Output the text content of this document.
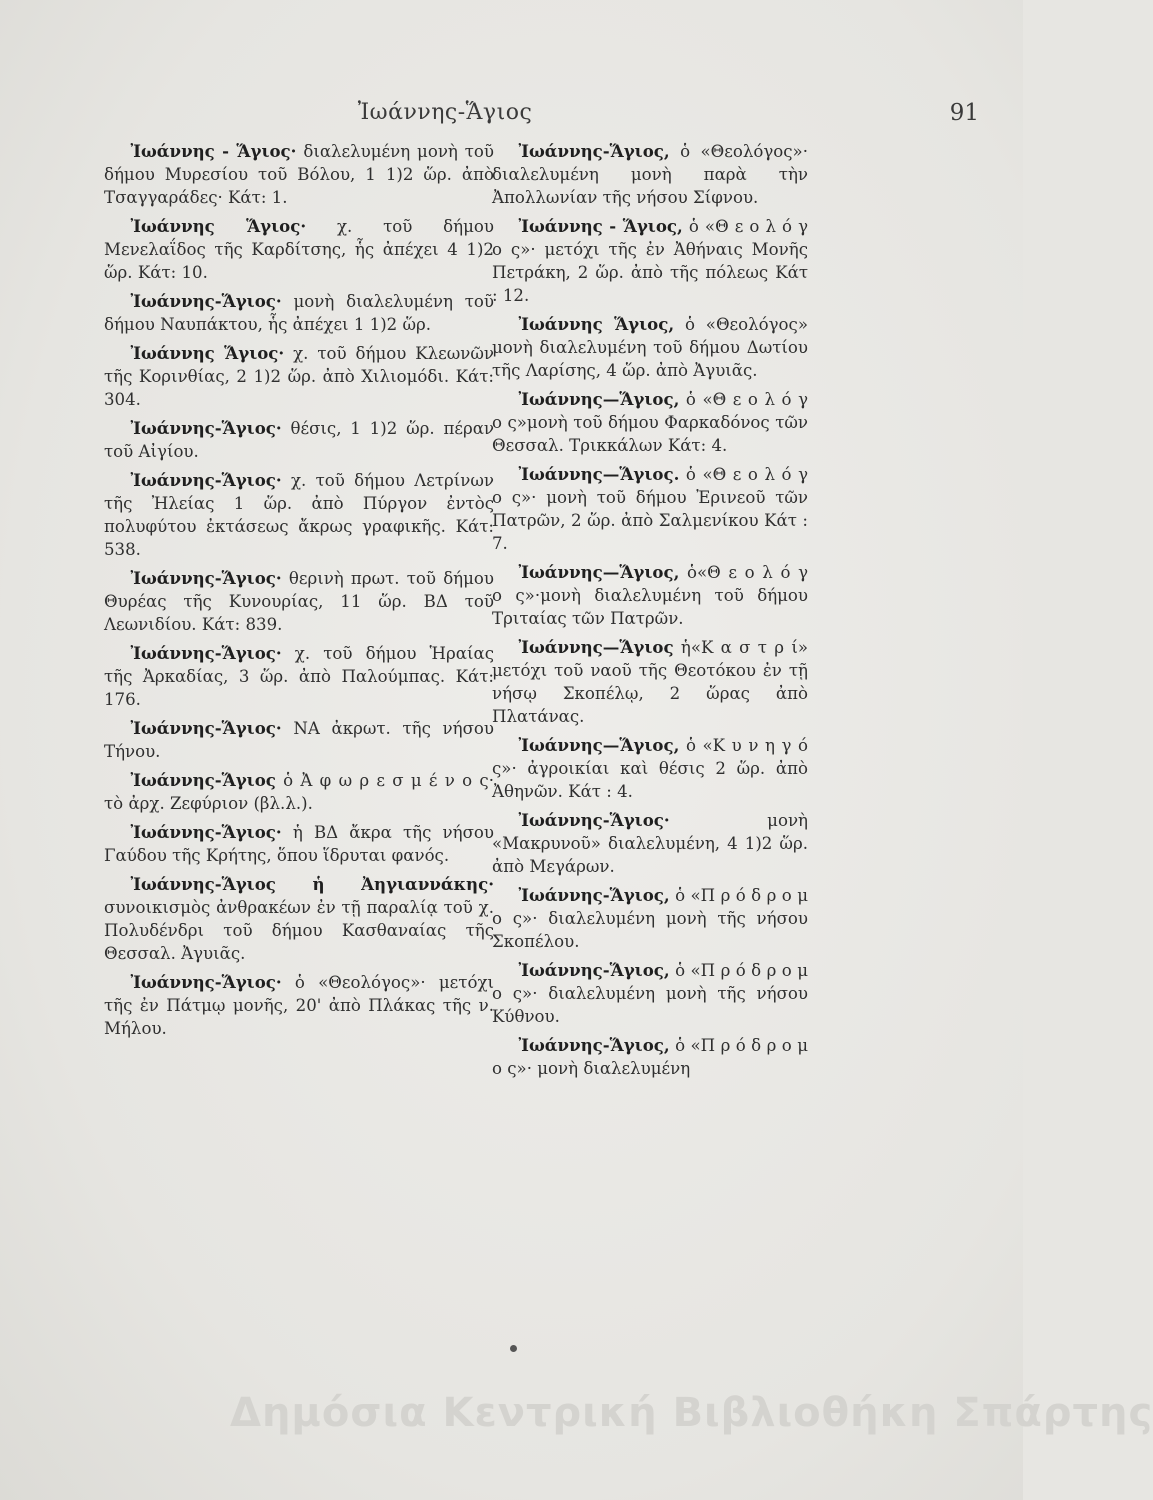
Ἰωάννης-Ἅγιος	91

Ἰωάννης - Ἅγιος· διαλελυμένη μονὴ τοῦ δήμου Μυρεσίου τοῦ Βόλου, 1 1)2 ὥρ. ἀπὸ Τσαγγαράδες· Κάτ: 1.

Ἰωάννης Ἅγιος· χ. τοῦ δήμου Μενελαΐδος τῆς Καρδίτσης, ἧς ἀπέχει 4 1)2 ὥρ. Κάτ: 10.

Ἰωάννης-Ἅγιος· μονὴ διαλελυμένη τοῦ δήμου Ναυπάκτου, ἧς ἀπέχει 1 1)2 ὥρ.

Ἰωάννης Ἅγιος· χ. τοῦ δήμου Κλεωνῶν τῆς Κορινθίας, 2 1)2 ὥρ. ἀπὸ Χιλιομόδι. Κάτ: 304.

Ἰωάννης-Ἅγιος· θέσις, 1 1)2 ὥρ. πέραν τοῦ Αἰγίου.

Ἰωάννης-Ἅγιος· χ. τοῦ δήμου Λετρίνων τῆς Ἠλείας 1 ὥρ. ἀπὸ Πύργον ἐντὸς πολυφύτου ἐκτάσεως ἄκρως γραφικῆς. Κάτ: 538.

Ἰωάννης-Ἅγιος· θερινὴ πρωτ. τοῦ δήμου Θυρέας τῆς Κυνουρίας, 11 ὥρ. ΒΔ τοῦ Λεωνιδίου. Κάτ: 839.

Ἰωάννης-Ἅγιος· χ. τοῦ δήμου Ἡραίας τῆς Ἀρκαδίας, 3 ὥρ. ἀπὸ Παλούμπας. Κάτ: 176.

Ἰωάννης-Ἅγιος· ΝΑ ἀκρωτ. τῆς νήσου Τήνου.

Ἰωάννης-Ἅγιος ὁ Ἀ φ ω ρ ε σ μ έ ν ο ς· τὸ ἀρχ. Ζεφύριον (βλ.λ.).

Ἰωάννης-Ἅγιος· ἡ ΒΔ ἄκρα τῆς νήσου Γαύδου τῆς Κρήτης, ὅπου ἵδρυται φανός.

Ἰωάννης-Ἅγιος ἡ Ἀηγιαννάκης· συνοικισμὸς ἀνθρακέων ἐν τῇ παραλίᾳ τοῦ χ. Πολυδένδρι τοῦ δήμου Κασθαναίας τῆς Θεσσαλ. Ἀγυιᾶς.

Ἰωάννης-Ἅγιος· ὁ «Θεολόγος»· μετόχι τῆς ἐν Πάτμῳ μονῆς, 20' ἀπὸ Πλάκας τῆς ν. Μήλου.

Ἰωάννης-Ἅγιος, ὁ «Θεολόγος»· διαλελυμένη μονὴ παρὰ τὴν Ἀπολλωνίαν τῆς νήσου Σίφνου.

Ἰωάννης - Ἅγιος, ὁ «Θ ε ο λ ό γ ο ς»· μετόχι τῆς ἐν Ἀθήναις Μονῆς Πετράκη, 2 ὥρ. ἀπὸ τῆς πόλεως Κάτ : 12.

Ἰωάννης Ἅγιος, ὁ «Θεολόγος» μονὴ διαλελυμένη τοῦ δήμου Δωτίου τῆς Λαρίσης, 4 ὥρ. ἀπὸ Ἀγυιᾶς.

Ἰωάννης—Ἅγιος, ὁ «Θ ε ο λ ό γ ο ς»μονὴ τοῦ δήμου Φαρκαδόνος τῶν Θεσσαλ. Τρικκάλων Κάτ: 4.

Ἰωάννης—Ἅγιος. ὁ «Θ ε ο λ ό γ ο ς»· μονὴ τοῦ δήμου Ἐρινεοῦ τῶν Πατρῶν, 2 ὥρ. ἀπὸ Σαλμενίκου Κάτ : 7.

Ἰωάννης—Ἅγιος, ὁ«Θ ε ο λ ό γ ο ς»·μονὴ διαλελυμένη τοῦ δήμου Τριταίας τῶν Πατρῶν.

Ἰωάννης—Ἅγιος ἡ«Κ α σ τ ρ ί» μετόχι τοῦ ναοῦ τῆς Θεοτόκου ἐν τῇ νήσῳ Σκοπέλῳ, 2 ὥρας ἀπὸ Πλατάνας.

Ἰωάννης—Ἅγιος, ὁ «Κ υ ν η γ ό ς»· ἀγροικίαι καὶ θέσις 2 ὥρ. ἀπὸ Ἀθηνῶν. Κάτ : 4.

Ἰωάννης-Ἅγιος· μονὴ «Μακρυνοῦ» διαλελυμένη, 4 1)2 ὥρ. ἀπὸ Μεγάρων.

Ἰωάννης-Ἅγιος, ὁ «Π ρ ό δ ρ ο μ ο ς»· διαλελυμένη μονὴ τῆς νήσου Σκοπέλου.

Ἰωάννης-Ἅγιος, ὁ «Π ρ ό δ ρ ο μ ο ς»· διαλελυμένη μονὴ τῆς νήσου Κύθνου.

Ἰωάννης-Ἅγιος, ὁ «Π ρ ό δ ρ ο μ ο ς»· μονὴ διαλελυμένη

Δημόσια Κεντρική Βιβλιοθήκη Σπάρτης
